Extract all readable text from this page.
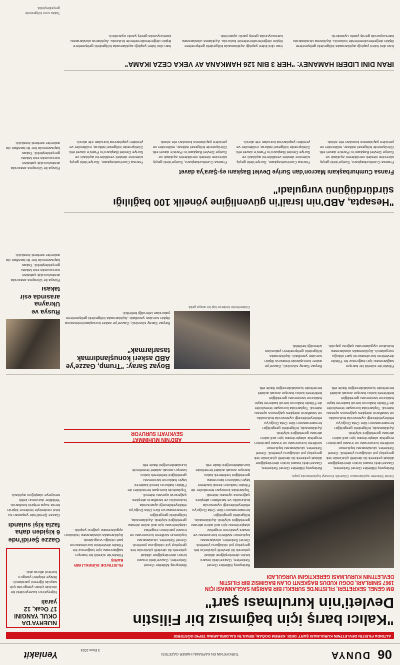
06
DÜNYA
TÜRKİYE'NİN EN KAPSAMLI HABER GAZETESİ
3 Ekim 2024
Yeniakit
ALTINDA FİLİSTİN DEVLETİ'NİN KURULMASI ŞART' DEDİ. KEREM DOĞAN, İSRAİL'İN SALDIRILARINA TEPKİ GÖSTERDİ
"Kalıcı barış için bağımsız bir Filistin Devleti'nin kurulması şart"
NİJERYA'DA OKUL YANGINI 17 Ocak, 12 yaralı
Nijerya'nın kuzeyindeki bir okulda çıkan yangında çok sayıda öğrenci yaralandı. İtfaiye ekipleri yangını kontrol altına aldı.
BM GENEL SEKRETERİ, FİLİSTİN'DE SÜREKLİ BİR BARIŞIN SAĞLANMASI İÇİN
1967 SINIRLARI, DOĞU KUDÜS BAŞKENTİ OLAN BAĞIMSIZ BİR FİLİSTİN
DEVLETİ'NİN KURULMASI GEREKTİĞİNİ VURGULADI
Genel Sekreter açıklamasını Güvenlik Konseyi toplantısında yaptı.
Birleşmiş Milletler Genel Sekreteri, Gazze'deki insani krizin derinleştiğine dikkat çekerek iki devletli çözümün tek gerçekçi yol olduğunu yineledi. Genel Sekreter, uluslararası toplumun sivillerin korunması ve insani yardımın engelsiz ulaştırılması için acil adım atması gerektiğini söyledi. Açıklamada, bölgedeki gerginliğin tırmanmasının tüm Orta Doğu'yu etkileyebileceği uyarısında bulunuldu ve tarafların ateşkes çağrısına uyması istendi. Toplantıda konuşan temsilciler de Filistin halkının kendi kaderini tayin hakkının tanınması gerektiğini belirterek kalıcı barışın ancak adalet temelinde kurulabileceğini ifade etti.
Birleşmiş Milletler Genel Sekreteri, Gazze'deki insani krizin derinleştiğine dikkat çekerek iki devletli çözümün tek gerçekçi yol olduğunu yineledi. Genel Sekreter, uluslararası toplumun sivillerin korunması ve insani yardımın engelsiz ulaştırılması için acil adım atması gerektiğini söyledi. Açıklamada, bölgedeki gerginliğin tırmanmasının tüm Orta Doğu'yu etkileyebileceği uyarısında bulunuldu ve tarafların ateşkes çağrısına uyması istendi. Toplantıda konuşan temsilciler de Filistin halkının kendi kaderini tayin hakkının tanınması gerektiğini belirterek kalıcı barışın ancak adalet temelinde kurulabileceğini ifade etti.
FİLİSTİN'DE SÜREKLİ BİR BARIŞ
Filistin'de sürekli bir barışın sağlanması için bağımsız bir Filistin devletinin kurulmasının şart olduğu vurgulandı. Açıklamada uluslararası hukukun uygulanması çağrısı yapıldı.
Gazze Şeridi'nde 6 kişiden daha fazla kişi sulandı
Gazze Şeridi'nde yaşanan su krizi nedeniyle binlerce kişinin temiz suya erişimi kısıtlandı. Yetkililer durumun kritik seviyeye ulaştığını açıkladı.
Birleşmiş Milletler Genel Sekreteri, Gazze'deki insani krizin derinleştiğine dikkat çekerek iki devletli çözümün tek gerçekçi yol olduğunu yineledi. Genel Sekreter, uluslararası toplumun sivillerin korunması ve insani yardımın engelsiz ulaştırılması için acil adım atması gerektiğini söyledi. Açıklamada, bölgedeki gerginliğin tırmanmasının tüm Orta Doğu'yu etkileyebileceği uyarısında bulunuldu ve tarafların ateşkes çağrısına uyması istendi. Toplantıda konuşan temsilciler de Filistin halkının kendi kaderini tayin hakkının tanınması gerektiğini belirterek kalıcı barışın ancak adalet temelinde kurulabileceğini ifade etti.
Birleşmiş Milletler Genel Sekreteri, Gazze'deki insani krizin derinleştiğine dikkat çekerek iki devletli çözümün tek gerçekçi yol olduğunu yineledi. Genel Sekreter, uluslararası toplumun sivillerin korunması ve insani yardımın engelsiz ulaştırılması için acil adım atması gerektiğini söyledi. Açıklamada, bölgedeki gerginliğin tırmanmasının tüm Orta Doğu'yu etkileyebileceği uyarısında bulunuldu ve tarafların ateşkes çağrısına uyması istendi. Toplantıda konuşan temsilciler de Filistin halkının kendi kaderini tayin hakkının tanınması gerektiğini belirterek kalıcı barışın ancak adalet temelinde kurulabileceğini ifade etti.
ABD'NİN MÜHİMMAT
SEVKİYATI SÜRÜYOR
Boyaz Saray: "Trump, Gazze'ye ABD askeri konuşlandırmak tasarlarmak"
Beyaz Saray sözcüsü, Gazze'ye asker konuşlandırılmasına ilişkin soruları yanıtladı. Açıklamada bölgedeki gelişmelerin yakından izlendiği belirtildi.
Gösterilerde binlerce kişi bir araya geldi.
Rusya ve Ukrayna arasında esir takası
Rusya ile Ukrayna arasında arabuluculuk çabaları sonucunda esir takası gerçekleştirildi. Takas kapsamında her iki taraftan da askerler serbest bırakıldı.
Filistin'de sürekli bir barışın sağlanması için bağımsız bir Filistin devletinin kurulmasının şart olduğu vurgulandı. Açıklamada uluslararası hukukun uygulanması çağrısı yapıldı.
Beyaz Saray sözcüsü, Gazze'ye asker konuşlandırılmasına ilişkin soruları yanıtladı. Açıklamada bölgedeki gelişmelerin yakından izlendiği belirtildi.
"Hesapta, ABD'nin İsrail'in güvenliğine yönelik 100 bağlılığı sürdürdüğünü vurguladı"
Fransa Cumhurbaşkanı Macron'dan Suriye Devlet Başkanı eş-Şara'ya davet
Fransa Cumhurbaşkanı, Suriye'deki geçiş sürecine destek verdiklerini açıkladı ve Suriye Devlet Başkanı'nı Paris'e davet etti. Görüşmede bölgesel istikrar, mülteciler ve yeniden yapılanma konuları ele alındı.
Fransa Cumhurbaşkanı, Suriye'deki geçiş sürecine destek verdiklerini açıkladı ve Suriye Devlet Başkanı'nı Paris'e davet etti. Görüşmede bölgesel istikrar, mülteciler ve yeniden yapılanma konuları ele alındı.
Fransa Cumhurbaşkanı, Suriye'deki geçiş sürecine destek verdiklerini açıkladı ve Suriye Devlet Başkanı'nı Paris'e davet etti. Görüşmede bölgesel istikrar, mülteciler ve yeniden yapılanma konuları ele alındı.
Fransa Cumhurbaşkanı, Suriye'deki geçiş sürecine destek verdiklerini açıkladı ve Suriye Devlet Başkanı'nı Paris'e davet etti. Görüşmede bölgesel istikrar, mülteciler ve yeniden yapılanma konuları ele alındı.
İRAN DİNİ LİDERİ HAMANEY: "HER 3 BİN 126 HAMKANA AY VEKA CEZA İKAMA"
İran dini lideri yaptığı açıklamada bölgedeki gelişmelere ilişkin değerlendirmelerde bulundu. Açıklama uluslararası kamuoyunda geniş yankı uyandırdı.
İran dini lideri yaptığı açıklamada bölgedeki gelişmelere ilişkin değerlendirmelerde bulundu. Açıklama uluslararası kamuoyunda geniş yankı uyandırdı.
İran dini lideri yaptığı açıklamada bölgedeki gelişmelere ilişkin değerlendirmelerde bulundu. Açıklama uluslararası kamuoyunda geniş yankı uyandırdı.
Rusya ile Ukrayna arasında arabuluculuk çabaları sonucunda esir takası gerçekleştirildi. Takas kapsamında her iki taraftan da askerler serbest bırakıldı.
Takas sınır bölgesinde gerçekleştirildi.
